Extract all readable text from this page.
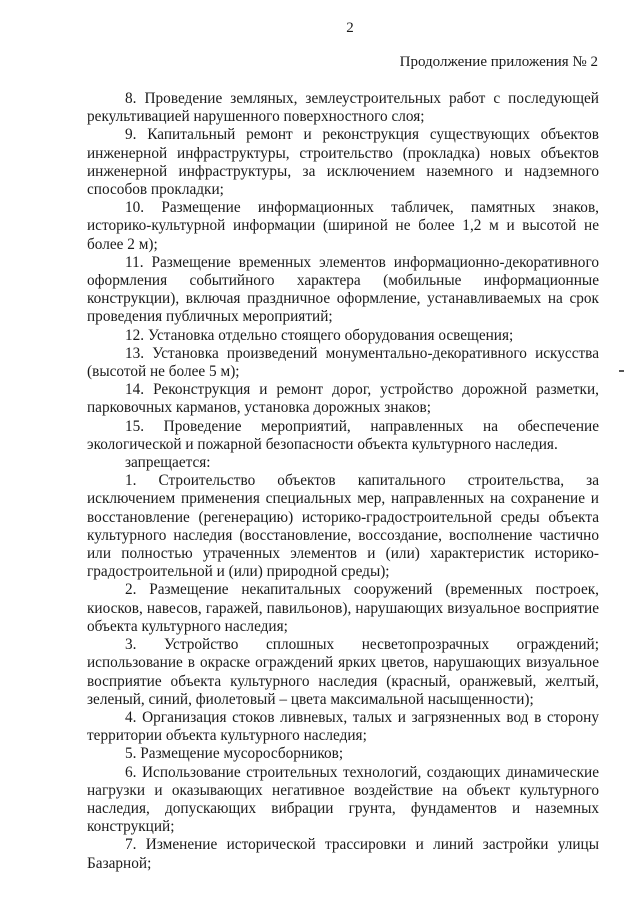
2
Продолжение приложения № 2

8. Проведение земляных, землеустроительных работ с последующей рекультивацией нарушенного поверхностного слоя;

9. Капитальный ремонт и реконструкция существующих объектов инженерной инфраструктуры, строительство (прокладка) новых объектов инженерной инфраструктуры, за исключением наземного и надземного способов прокладки;

10. Размещение информационных табличек, памятных знаков, историко-культурной информации (шириной не более 1,2 м и высотой не более 2 м);

11. Размещение временных элементов информационно-декоративного оформления событийного характера (мобильные информационные конструкции), включая праздничное оформление, устанавливаемых на срок проведения публичных мероприятий;

12. Установка отдельно стоящего оборудования освещения;

13. Установка произведений монументально-декоративного искусства (высотой не более 5 м);

14. Реконструкция и ремонт дорог, устройство дорожной разметки, парковочных карманов, установка дорожных знаков;

15. Проведение мероприятий, направленных на обеспечение экологической и пожарной безопасности объекта культурного наследия.

запрещается:

1. Строительство объектов капитального строительства, за исключением применения специальных мер, направленных на сохранение и восстановление (регенерацию) историко-градостроительной среды объекта культурного наследия (восстановление, воссоздание, восполнение частично или полностью утраченных элементов и (или) характеристик историко-градостроительной и (или) природной среды);

2. Размещение некапитальных сооружений (временных построек, киосков, навесов, гаражей, павильонов), нарушающих визуальное восприятие объекта культурного наследия;

3. Устройство сплошных несветопрозрачных ограждений; использование в окраске ограждений ярких цветов, нарушающих визуальное восприятие объекта культурного наследия (красный, оранжевый, желтый, зеленый, синий, фиолетовый – цвета максимальной насыщенности);

4. Организация стоков ливневых, талых и загрязненных вод в сторону территории объекта культурного наследия;

5. Размещение мусоросборников;

6. Использование строительных технологий, создающих динамические нагрузки и оказывающих негативное воздействие на объект культурного наследия, допускающих вибрации грунта, фундаментов и наземных конструкций;

7. Изменение исторической трассировки и линий застройки улицы Базарной;
